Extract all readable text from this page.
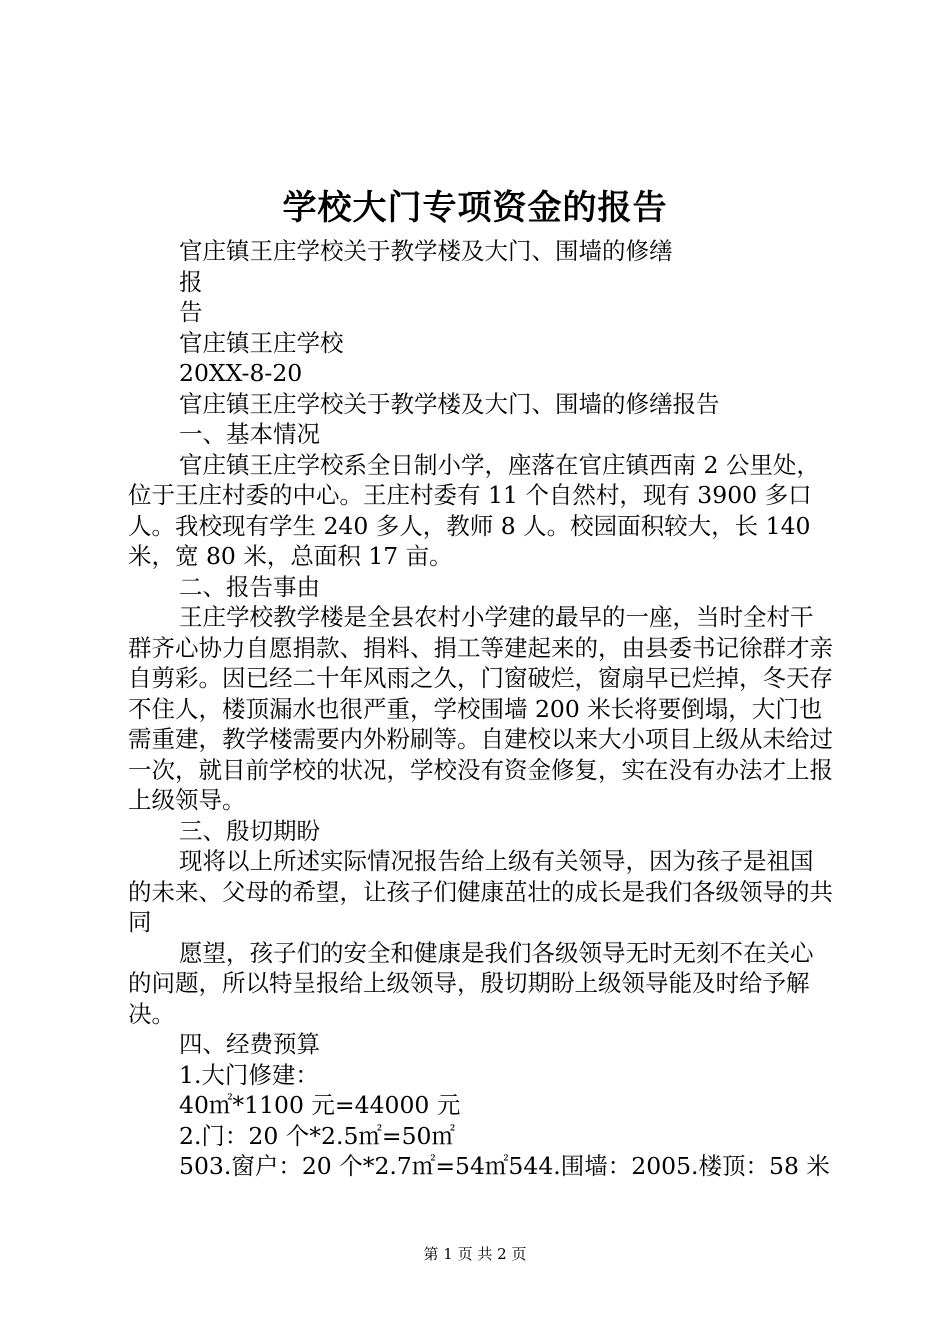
学校大门专项资金的报告

官庄镇王庄学校关于教学楼及大门、围墙的修缮

报

告

官庄镇王庄学校

20XX-8-20

官庄镇王庄学校关于教学楼及大门、围墙的修缮报告

一、基本情况

官庄镇王庄学校系全日制小学，座落在官庄镇西南 2 公里处，位于王庄村委的中心。王庄村委有 11 个自然村，现有 3900 多口人。我校现有学生 240 多人，教师 8 人。校园面积较大，长 140 米，宽 80 米，总面积 17 亩。

二、报告事由

王庄学校教学楼是全县农村小学建的最早的一座，当时全村干群齐心协力自愿捐款、捐料、捐工等建起来的，由县委书记徐群才亲自剪彩。因已经二十年风雨之久，门窗破烂，窗扇早已烂掉，冬天存不住人，楼顶漏水也很严重，学校围墙 200 米长将要倒塌，大门也需重建，教学楼需要内外粉刷等。自建校以来大小项目上级从未给过一次，就目前学校的状况，学校没有资金修复，实在没有办法才上报上级领导。

三、殷切期盼

现将以上所述实际情况报告给上级有关领导，因为孩子是祖国的未来、父母的希望，让孩子们健康茁壮的成长是我们各级领导的共同

愿望，孩子们的安全和健康是我们各级领导无时无刻不在关心的问题，所以特呈报给上级领导，殷切期盼上级领导能及时给予解决。

四、经费预算

1.大门修建：

40㎡*1100 元=44000 元

2.门：20 个*2.5㎡=50㎡

503.窗户：20 个*2.7㎡=54㎡544.围墙：2005.楼顶：58 米

第 1 页 共 2 页
